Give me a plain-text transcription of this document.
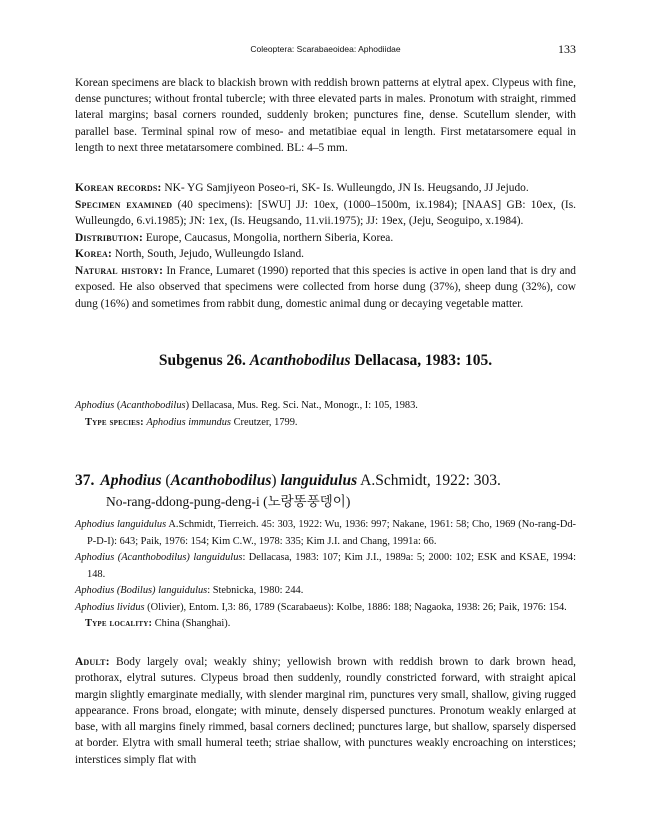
Coleoptera: Scarabaeoidea: Aphodiidae	133

Korean specimens are black to blackish brown with reddish brown patterns at elytral apex. Clypeus with fine, dense punctures; without frontal tubercle; with three elevated parts in males. Pronotum with straight, rimmed lateral margins; basal corners rounded, suddenly broken; punctures fine, dense. Scutellum slender, with parallel base. Terminal spinal row of meso- and metatibiae equal in length. First metatarsomere equal in length to next three metatarsomere combined. BL: 4–5 mm.

Korean records: NK- YG Samjiyeon Poseo-ri, SK- Is. Wulleungdo, JN Is. Heugsando, JJ Jejudo.

Specimen examined (40 specimens): [SWU] JJ: 10ex, (1000–1500m, ix.1984); [NAAS] GB: 10ex, (Is. Wulleungdo, 6.vi.1985); JN: 1ex, (Is. Heugsando, 11.vii.1975); JJ: 19ex, (Jeju, Seoguipo, x.1984).

Distribution: Europe, Caucasus, Mongolia, northern Siberia, Korea.

Korea: North, South, Jejudo, Wulleungdo Island.

Natural history: In France, Lumaret (1990) reported that this species is active in open land that is dry and exposed. He also observed that specimens were collected from horse dung (37%), sheep dung (32%), cow dung (16%) and sometimes from rabbit dung, domestic animal dung or decaying vegetable matter.

Subgenus 26. Acanthobodilus Dellacasa, 1983: 105.

Aphodius (Acanthobodilus) Dellacasa, Mus. Reg. Sci. Nat., Monogr., I: 105, 1983.

Type species: Aphodius immundus Creutzer, 1799.

37. Aphodius (Acanthobodilus) languidulus A.Schmidt, 1922: 303.
No-rang-ddong-pung-deng-i (노랑똥풍뎅이)

Aphodius languidulus A.Schmidt, Tierreich. 45: 303, 1922: Wu, 1936: 997; Nakane, 1961: 58; Cho, 1969 (No-rang-Dd-P-D-I): 643; Paik, 1976: 154; Kim C.W., 1978: 335; Kim J.I. and Chang, 1991a: 66.

Aphodius (Acanthobodilus) languidulus: Dellacasa, 1983: 107; Kim J.I., 1989a: 5; 2000: 102; ESK and KSAE, 1994: 148.

Aphodius (Bodilus) languidulus: Stebnicka, 1980: 244.

Aphodius lividus (Olivier), Entom. I,3: 86, 1789 (Scarabaeus): Kolbe, 1886: 188; Nagaoka, 1938: 26; Paik, 1976: 154.

Type locality: China (Shanghai).

Adult: Body largely oval; weakly shiny; yellowish brown with reddish brown to dark brown head, prothorax, elytral sutures. Clypeus broad then suddenly, roundly constricted forward, with straight apical margin slightly emarginate medially, with slender marginal rim, punctures very small, shallow, giving rugged appearance. Frons broad, elongate; with minute, densely dispersed punctures. Pronotum weakly enlarged at base, with all margins finely rimmed, basal corners declined; punctures large, but shallow, sparsely dispersed at border. Elytra with small humeral teeth; striae shallow, with punctures weakly encroaching on interstices; interstices simply flat with
